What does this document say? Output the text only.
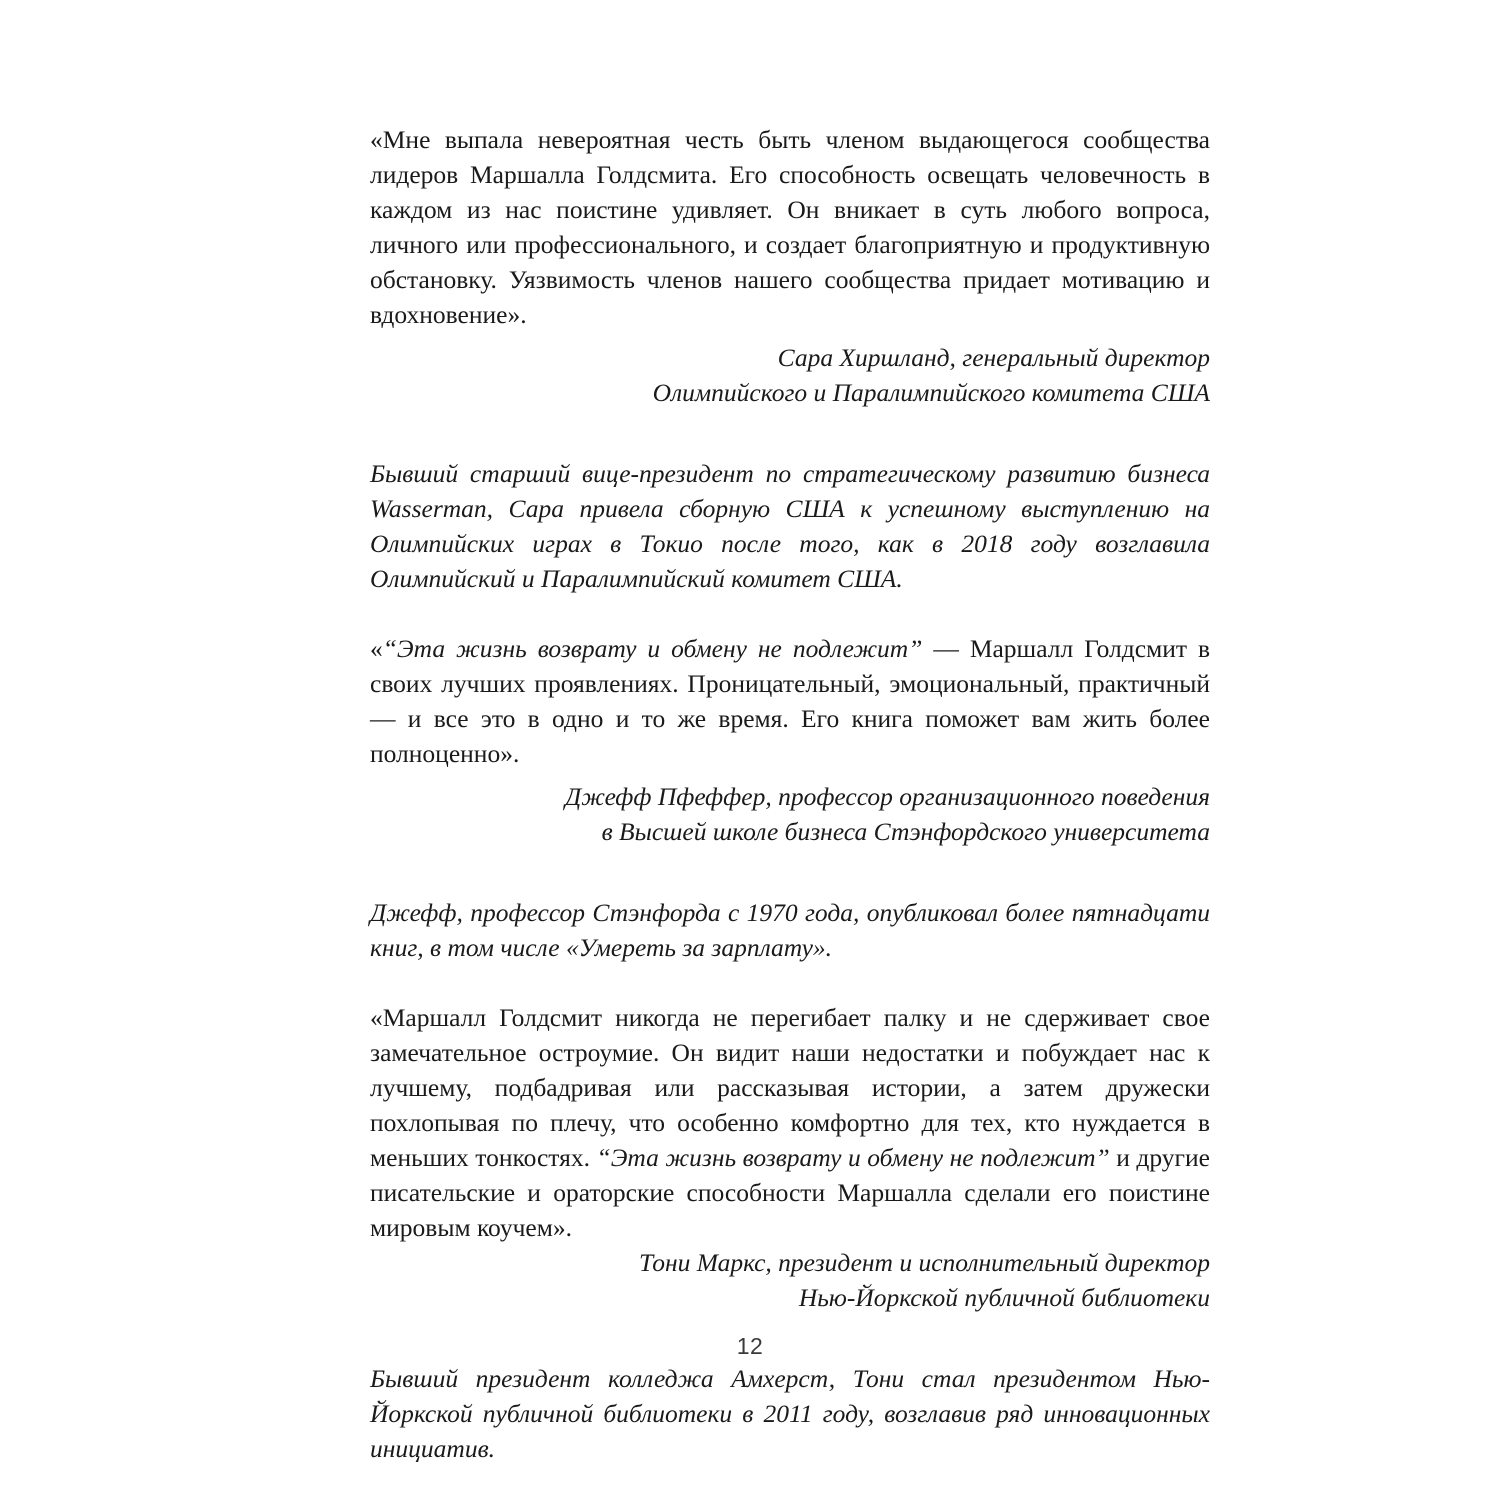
«Мне выпала невероятная честь быть членом выдающегося сообщества лидеров Маршалла Голдсмита. Его способность освещать человечность в каждом из нас поистине удивляет. Он вникает в суть любого вопроса, личного или профессионального, и создает благоприятную и продуктивную обстановку. Уязвимость членов нашего сообщества придает мотивацию и вдохновение».

Сара Хиршланд, генеральный директор

Олимпийского и Паралимпийского комитета США

Бывший старший вице-президент по стратегическому развитию бизнеса Wasserman, Сара привела сборную США к успешному выступлению на Олимпийских играх в Токио после того, как в 2018 году возглавила Олимпийский и Паралимпийский комитет США.

«“Эта жизнь возврату и обмену не подлежит” — Маршалл Голдсмит в своих лучших проявлениях. Проницательный, эмоциональный, практичный — и все это в одно и то же время. Его книга поможет вам жить более полноценно».

Джефф Пфеффер, профессор организационного поведения

в Высшей школе бизнеса Стэнфордского университета

Джефф, профессор Стэнфорда с 1970 года, опубликовал более пятнадцати книг, в том числе «Умереть за зарплату».

«Маршалл Голдсмит никогда не перегибает палку и не сдерживает свое замечательное остроумие. Он видит наши недостатки и побуждает нас к лучшему, подбадривая или рассказывая истории, а затем дружески похлопывая по плечу, что особенно комфортно для тех, кто нуждается в меньших тонкостях. “Эта жизнь возврату и обмену не подлежит” и другие писательские и ораторские способности Маршалла сделали его поистине мировым коучем».

Тони Маркс, президент и исполнительный директор

Нью-Йоркской публичной библиотеки

Бывший президент колледжа Амхерст, Тони стал президентом Нью-Йоркской публичной библиотеки в 2011 году, возглавив ряд инновационных инициатив.

12
